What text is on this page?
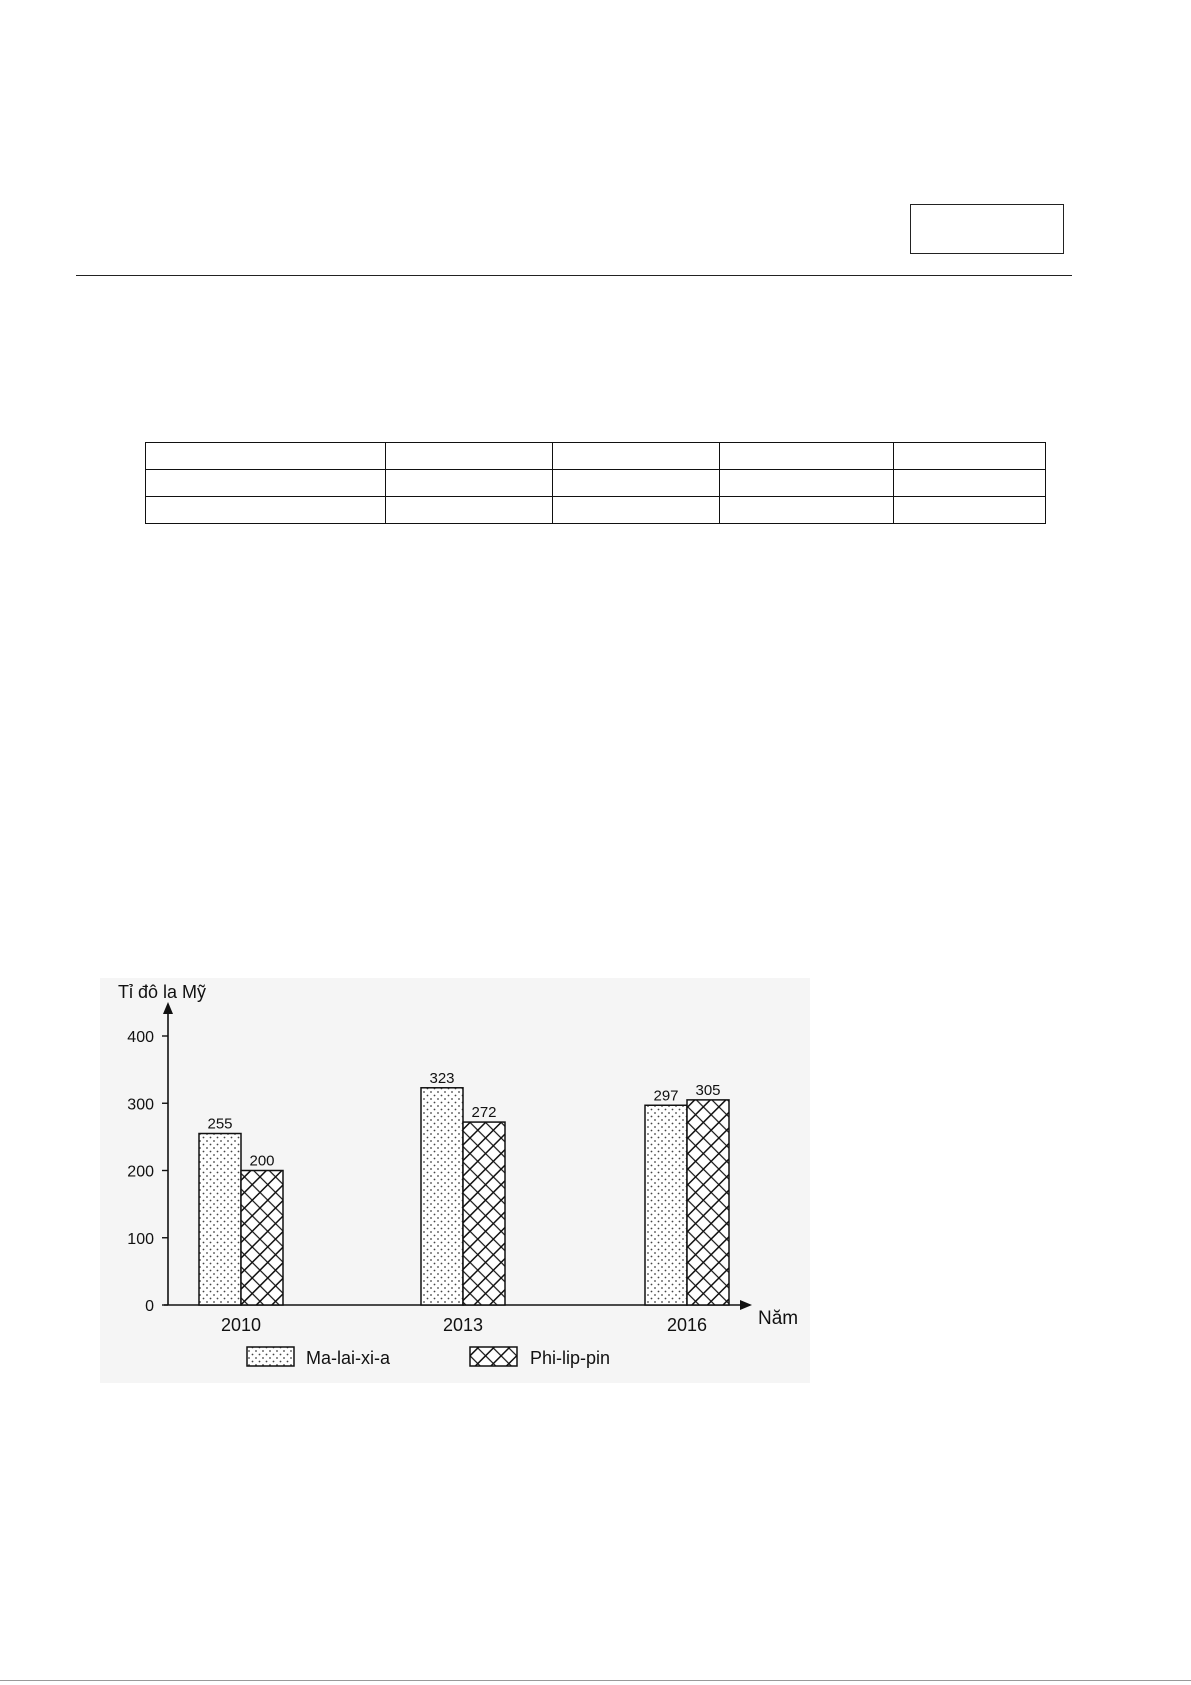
Tỉ đô la Mỹ
Năm
0
100
200
300
400
255
200
323
272
297 305
2010	2013	2016
Ma-lai-xi-a	Phi-lip-pin
